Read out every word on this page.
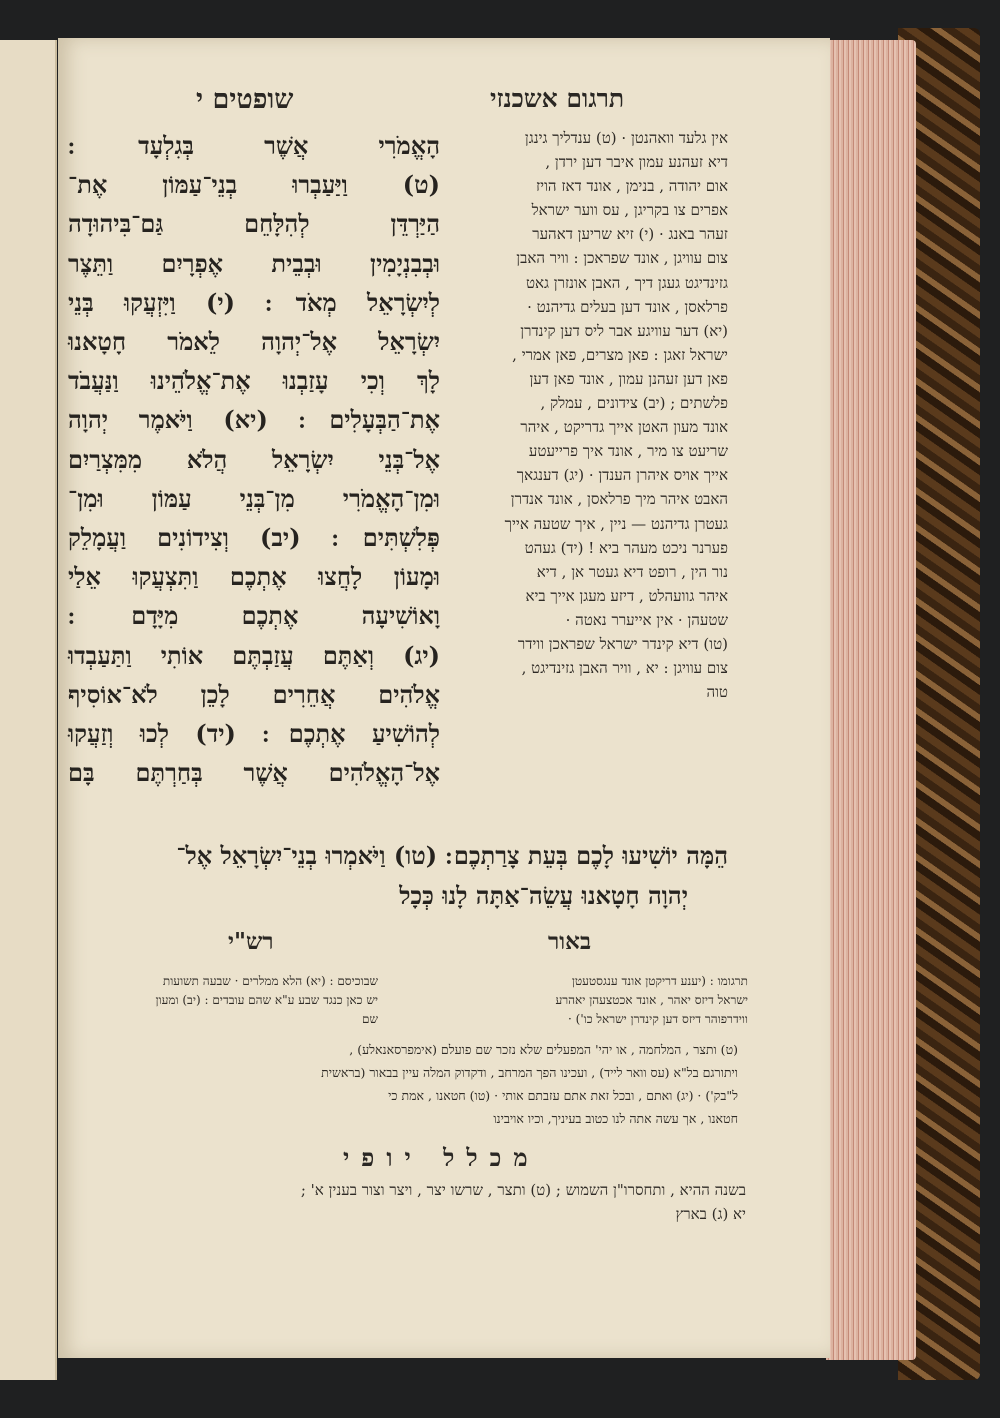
שופטים י	תרגום אשכנזי
הָאֱמֹרִי אֲשֶׁר בְּגִלְעָד ׃
(ט) וַיַּעַבְרוּ בְנֵי־עַמּוֹן אֶת־
הַיַּרְדֵּן לְהִלָּחֵם גַּם־בִּיהוּדָה
וּבְבִנְיָמִין וּבְבֵית אֶפְרָיִם וַתֵּצֶר
לְיִשְׂרָאֵל מְאֹד ׃ (י) וַיִּזְעֲקוּ בְּנֵי
יִשְׂרָאֵל אֶל־יְהוָה לֵאמֹר חָטָאנוּ
לָךְ וְכִי עָזַבְנוּ אֶת־אֱלֹהֵינוּ וַנַּעֲבֹד
אֶת־הַבְּעָלִים ׃ (יא) וַיֹּאמֶר יְהוָה
אֶל־בְּנֵי יִשְׂרָאֵל הֲלֹא מִמִּצְרַיִם
וּמִן־הָאֱמֹרִי מִן־בְּנֵי עַמּוֹן וּמִן־
פְּלִשְׁתִּים ׃ (יב) וְצִידוֹנִים וַעֲמָלֵק
וּמָעוֹן לָחֲצוּ אֶתְכֶם וַתִּצְעֲקוּ אֵלַי
וָאוֹשִׁיעָה אֶתְכֶם מִיָּדָם ׃
(יג) וְאַתֶּם עֲזַבְתֶּם אוֹתִי וַתַּעַבְדוּ
אֱלֹהִים אֲחֵרִים לָכֵן לֹא־אוֹסִיף
לְהוֹשִׁיעַ אֶתְכֶם ׃ (יד) לְכוּ וְזַעֲקוּ
אֶל־הָאֱלֹהִים אֲשֶׁר בְּחַרְתֶּם בָּם
אין גלעד וואהנטן · (ט) ענדליך גינגן
דיא זעהנע עמון איבר דען ירדן ,
אום יהודה , בנימן , אונד דאז הויז
אפרים צו בקריגן , עס ווער ישראל
זעהר באנג · (י) זיא שריען דאהער
צום עוויגן , אונד שפראכן : וויר האבן
גזינדיגט געגן דיך , האבן אונזרן גאט
פרלאסן , אונד דען בעלים גדיהנט ·
(יא) דער עוויגע אבר ליס דען קינדרן
ישראל זאגן : פאן מצרים, פאן אמרי ,
פאן דען זעהנן עמון , אונד פאן דען
פלשתים ; (יב) צידונים , עמלק ,
אונד מעון האטן אייך גדריקט , איהר
שריעט צו מיר , אונד איך פרייעטע
אייך אויס איהרן הענדן · (יג) דענגאך
האבט איהר מיך פרלאסן , אונד אנדרן
געטרן גדיהנט — ניין , איך שטעה אייך
פערנר ניכט מעהר ביא ! (יד) געהט
נור הין , רופט דיא געטר אן , דיא
איהר גוועהלט , דיזע מעגן אייך ביא
שטעהן · אין אייערר נאטה ·
(טו) דיא קינדר ישראל שפראכן ווידר
צום עוויגן : יא , וויר האבן גזינדיגט ,
טוה
הֵמָּה יוֹשִׁיעוּ לָכֶם בְּעֵת צָרַתְכֶם ׃ (טו) וַיֹּאמְרוּ בְנֵי־יִשְׂרָאֵל אֶל־
יְהוָה חָטָאנוּ עֲשֵׂה־אַתָּה לָנוּ כְּכָל
רש"י	באור
שבוכיסם : (יא) הלא ממלרים · שבעה תשועות
יש כאן כנגד שבע ע"א שהם עובדים : (יב) ומעון
שם
תרגומו : (יענע דריקטן אונד ענגסטעטן
ישראל דיזס יאהר , אונד אכטצעהן יאהרע
ווידרפוהר דיזס דען קינדרן ישראל כו') ·
(ט) ותצר , המלחמה , או יהי' המפעלים שלא נזכר שם פועלם (אימפרסאנאלע) ,
ויתורגם בל"א (עס וואר לייד) , ועכינו הפך המרחב , ודקדוק המלה עיין בבאור (בראשית
ל"בק') · (יג) ואתם , ובכל זאת אתם עזבתם אותי · (טו) חטאנו , אמת כי
חטאנו , אך עשה אתה לנו כטוב בעיניך, וכיו אויבינו
מכלל יופי
בשנה ההיא , ותחסרו"ן השמוש ; (ט) ותצר , שרשו יצר , ויצר וצור בענין א' ;
יא (ג) בארץ
